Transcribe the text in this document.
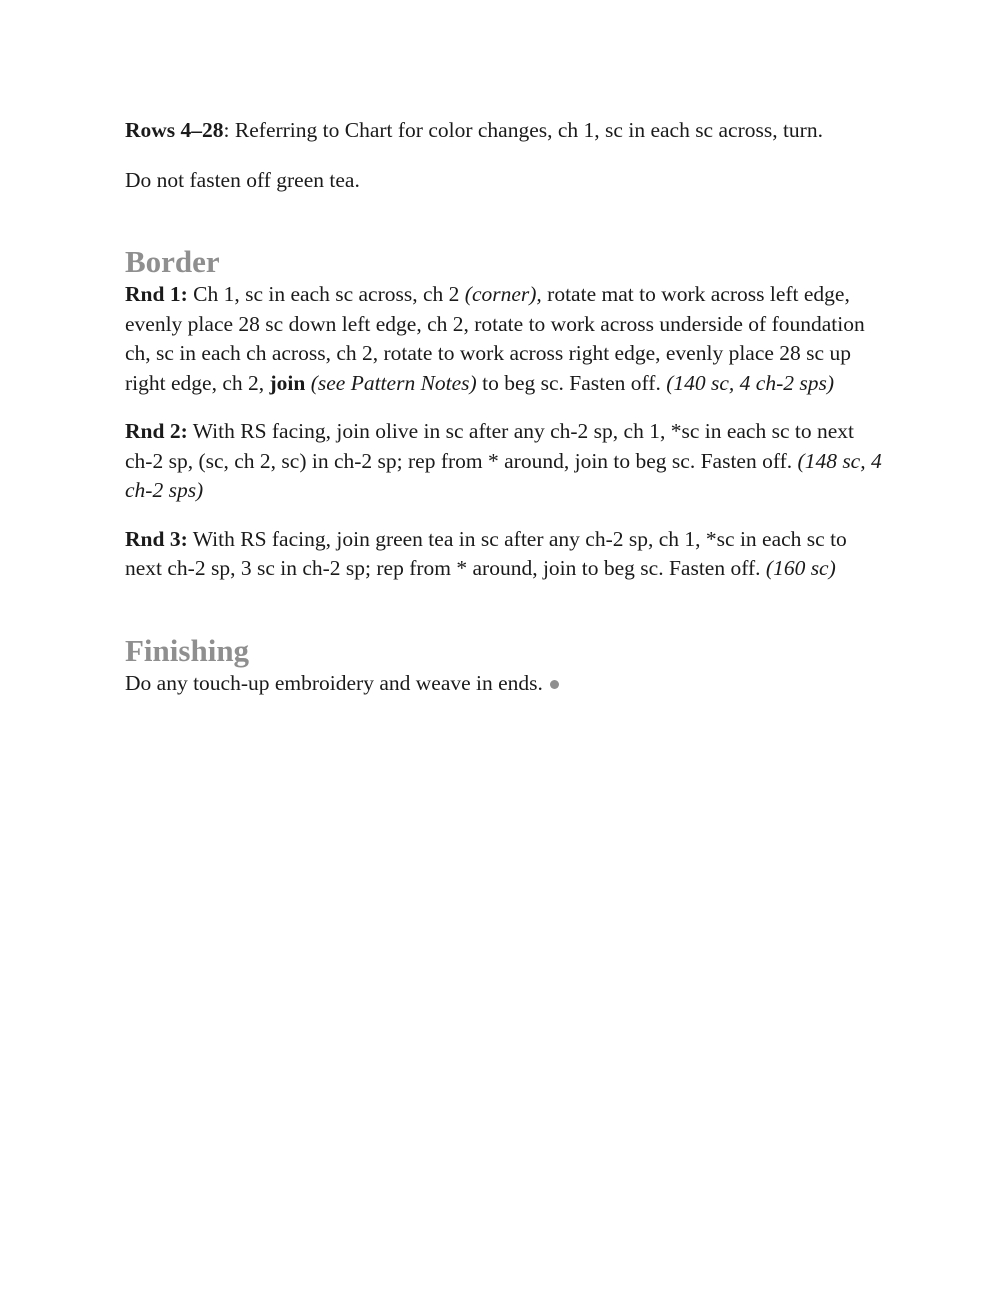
Rows 4–28: Referring to Chart for color changes, ch 1, sc in each sc across, turn.

Do not fasten off green tea.

Border

Rnd 1: Ch 1, sc in each sc across, ch 2 (corner), rotate mat to work across left edge, evenly place 28 sc down left edge, ch 2, rotate to work across underside of foundation ch, sc in each ch across, ch 2, rotate to work across right edge, evenly place 28 sc up right edge, ch 2, join (see Pattern Notes) to beg sc. Fasten off. (140 sc, 4 ch-2 sps)

Rnd 2: With RS facing, join olive in sc after any ch-2 sp, ch 1, *sc in each sc to next ch-2 sp, (sc, ch 2, sc) in ch-2 sp; rep from * around, join to beg sc. Fasten off. (148 sc, 4 ch-2 sps)

Rnd 3: With RS facing, join green tea in sc after any ch-2 sp, ch 1, *sc in each sc to next ch-2 sp, 3 sc in ch-2 sp; rep from * around, join to beg sc. Fasten off. (160 sc)

Finishing

Do any touch-up embroidery and weave in ends.
